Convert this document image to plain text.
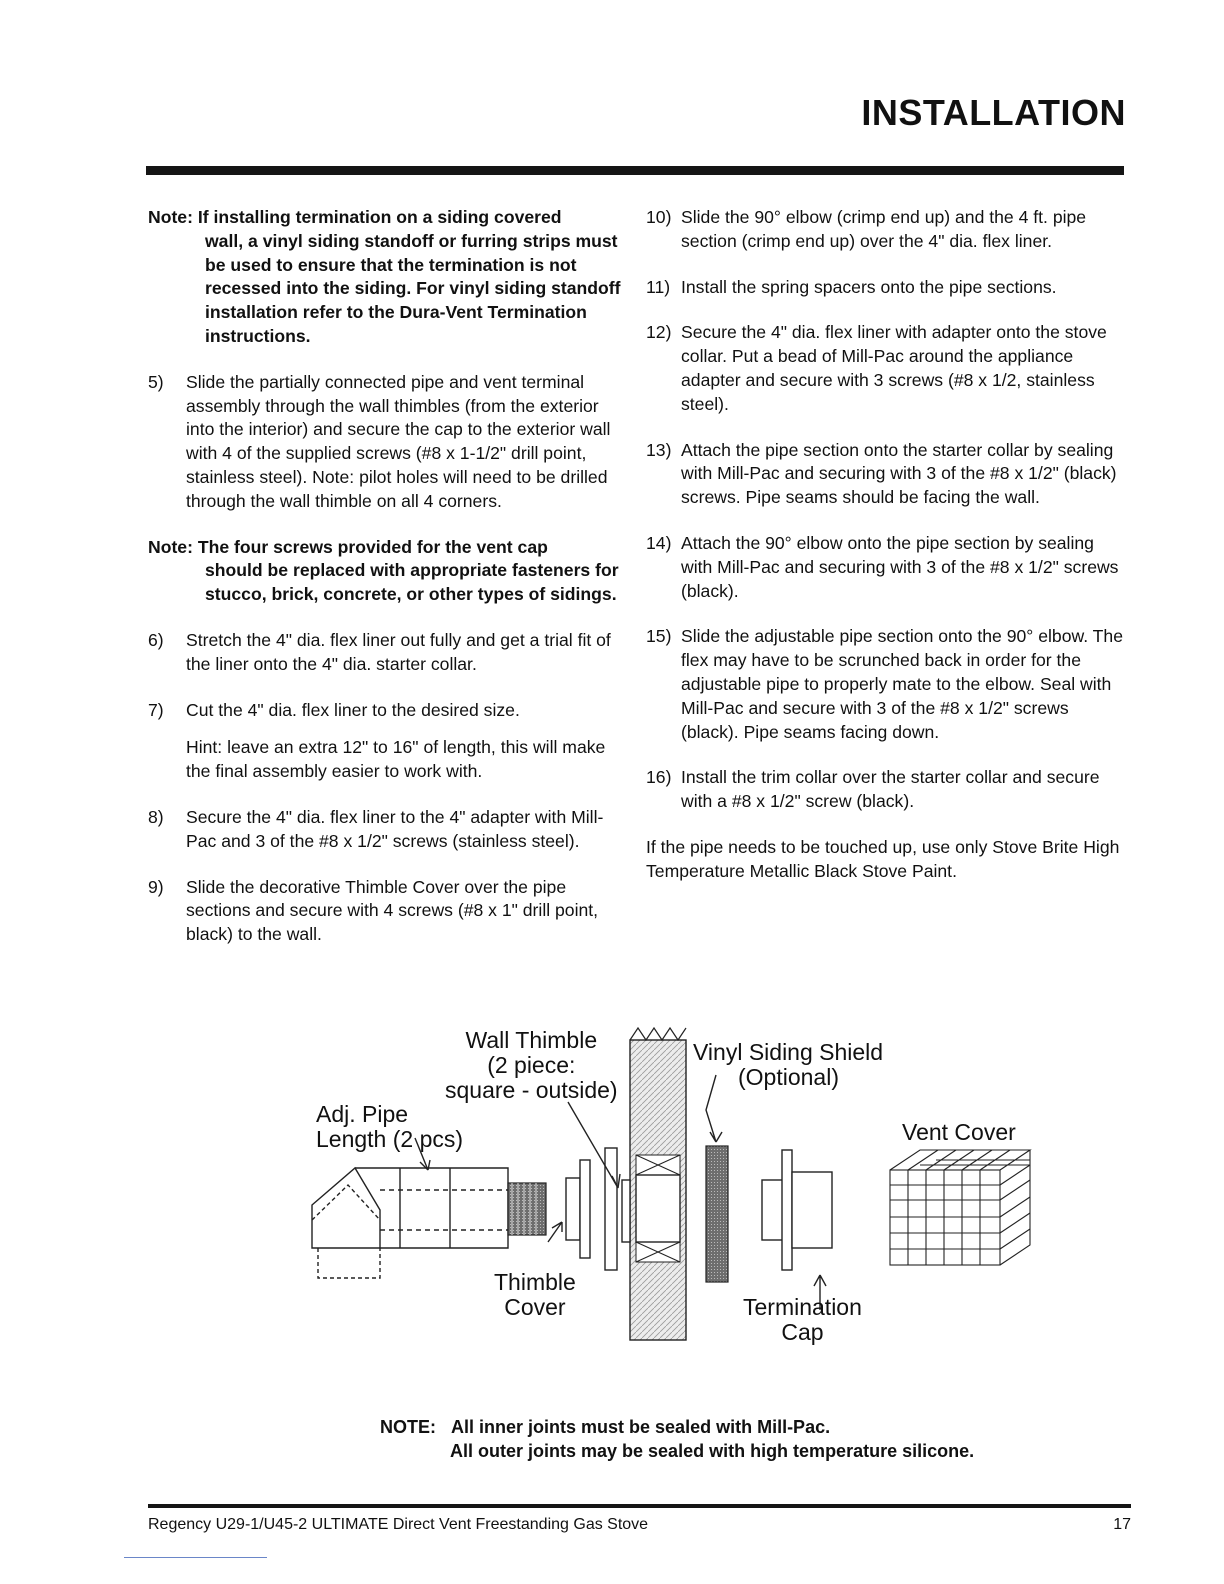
INSTALLATION
Note: If installing termination on a siding covered
wall, a vinyl siding standoff or furring strips must be used to ensure that the termination is not recessed into the siding. For vinyl siding standoff installation refer to the Dura-Vent Termination instructions.
5)	Slide the partially connected pipe and vent terminal assembly through the wall thimbles (from the exterior into the interior) and secure the cap to the exterior wall with 4 of the supplied screws (#8 x 1-1/2" drill point, stainless steel). Note: pilot holes will need to be drilled through the wall thimble on all 4 corners.
Note: The four screws provided for the vent cap
should be replaced with appropriate fasteners for stucco, brick, concrete, or other types of sidings.
6)	Stretch the 4" dia. flex liner out fully and get a trial fit of the liner onto the 4" dia. starter collar.
7)	Cut the 4" dia. flex liner to the desired size.
Hint: leave an extra 12" to 16" of length, this will make the final assembly easier to work with.
8)	Secure the 4" dia. flex liner to the 4" adapter with Mill-Pac and 3 of the #8 x 1/2" screws (stainless steel).
9)	Slide the decorative Thimble Cover over the pipe sections and secure with 4 screws (#8 x 1" drill point, black) to the wall.
10) Slide the 90° elbow (crimp end up) and the 4 ft. pipe section (crimp end up) over the 4" dia. flex liner.
11) Install the spring spacers onto the pipe sections.
12) Secure the 4" dia. flex liner with adapter onto the stove collar. Put a bead of Mill-Pac around the appliance adapter and secure with 3 screws (#8 x 1/2, stainless steel).
13) Attach the pipe section onto the starter collar by sealing with Mill-Pac and securing with 3 of the #8 x 1/2" (black) screws. Pipe seams should be facing the wall.
14) Attach the 90° elbow onto the pipe section by sealing with Mill-Pac and securing with 3 of the #8 x 1/2" screws (black).
15) Slide the adjustable pipe section onto the 90° elbow. The flex may have to be scrunched back in order for the adjustable pipe to properly mate to the elbow. Seal with Mill-Pac and secure with 3 of the #8 x 1/2" screws (black). Pipe seams facing down.
16) Install the trim collar over the starter collar and secure with a #8 x 1/2" screw (black).
If the pipe needs to be touched up, use only Stove Brite High Temperature Metallic Black Stove Paint.
Wall Thimble
(2 piece:
square - outside)
Adj. Pipe
Length (2 pcs)
Thimble
Cover
Vinyl Siding Shield
(Optional)
Vent Cover
Termination
Cap
NOTE: All inner joints must be sealed with Mill-Pac.
All outer joints may be sealed with high temperature silicone.
Regency U29-1/U45-2 ULTIMATE Direct Vent Freestanding Gas Stove	17
